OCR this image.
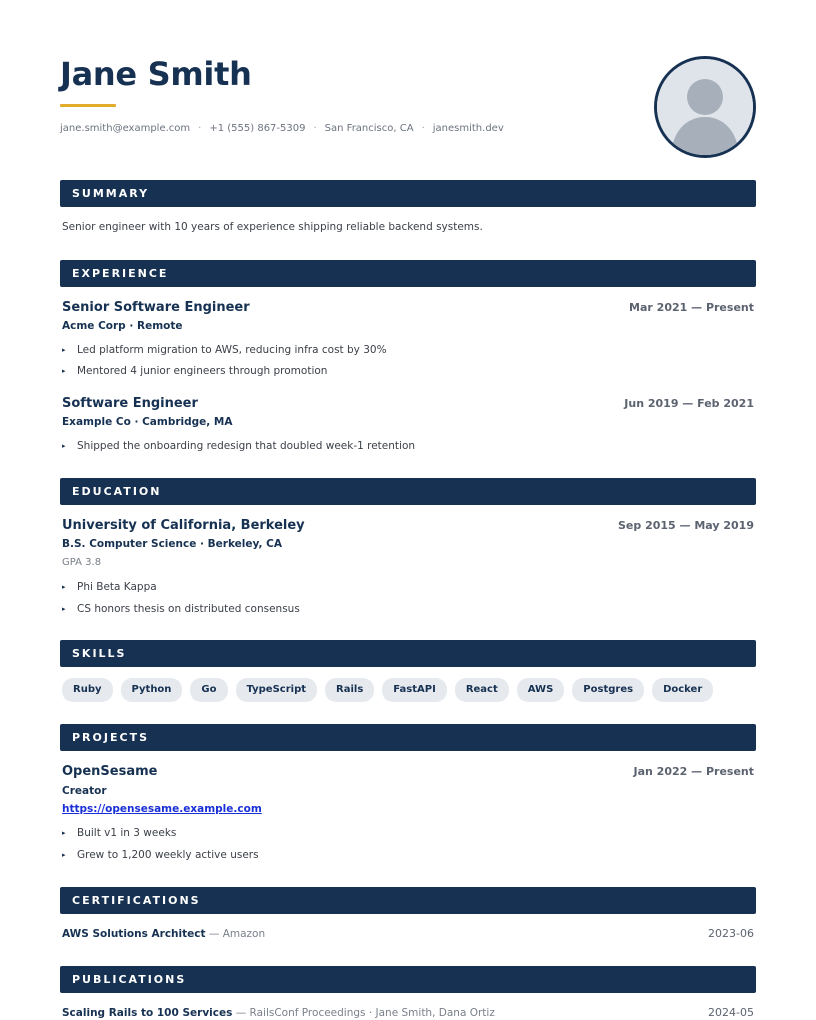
Jane Smith
jane.smith@example.com · +1 (555) 867-5309 · San Francisco, CA · janesmith.dev
SUMMARY
Senior engineer with 10 years of experience shipping reliable backend systems.
EXPERIENCE
Senior Software Engineer	Mar 2021 — Present
Acme Corp · Remote
▸ Led platform migration to AWS, reducing infra cost by 30%
▸ Mentored 4 junior engineers through promotion
Software Engineer	Jun 2019 — Feb 2021
Example Co · Cambridge, MA
▸ Shipped the onboarding redesign that doubled week-1 retention
EDUCATION
University of California, Berkeley	Sep 2015 — May 2019
B.S. Computer Science · Berkeley, CA
GPA 3.8
▸ Phi Beta Kappa
▸ CS honors thesis on distributed consensus
SKILLS
Ruby	Python	Go	TypeScript	Rails	FastAPI	React	AWS	Postgres	Docker
PROJECTS
OpenSesame	Jan 2022 — Present
Creator
https://opensesame.example.com
▸ Built v1 in 3 weeks
▸ Grew to 1,200 weekly active users
CERTIFICATIONS
AWS Solutions Architect — Amazon	2023-06
PUBLICATIONS
Scaling Rails to 100 Services — RailsConf Proceedings · Jane Smith, Dana Ortiz	2024-05
